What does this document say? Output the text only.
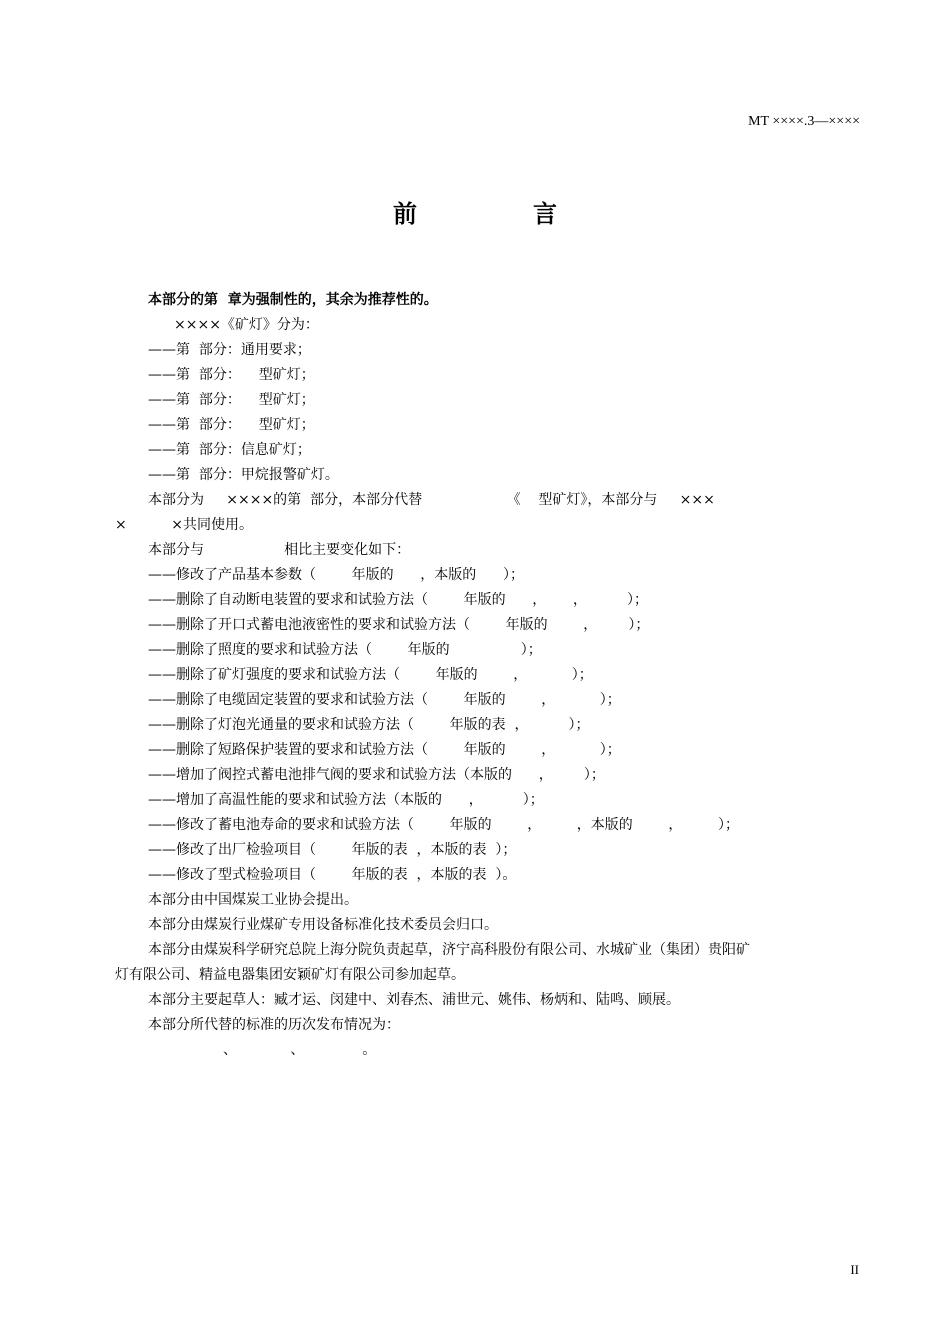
MT ××××.3—××××
前　言
本部分的第  章为强制性的，其余为推荐性的。
××××《矿灯》分为：
——第  部分：通用要求；
——第  部分：    型矿灯；
——第  部分：    型矿灯；
——第  部分：    型矿灯；
——第  部分：信息矿灯；
——第  部分：甲烷报警矿灯。
本部分为     ××××的第  部分，本部分代替                   《    型矿灯》，本部分与     ×××
×          ×共同使用。
本部分与                  相比主要变化如下：
——修改了产品基本参数（        年版的      ，本版的      ）；
——删除了自动断电装置的要求和试验方法（        年版的      ，      ，         ）；
——删除了开口式蓄电池液密性的要求和试验方法（        年版的        ，       ）；
——删除了照度的要求和试验方法（        年版的                ）；
——删除了矿灯强度的要求和试验方法（        年版的        ，          ）；
——删除了电缆固定装置的要求和试验方法（        年版的        ，          ）；
——删除了灯泡光通量的要求和试验方法（        年版的表  ，         ）；
——删除了短路保护装置的要求和试验方法（        年版的        ，          ）；
——增加了阀控式蓄电池排气阀的要求和试验方法（本版的      ，       ）；
——增加了高温性能的要求和试验方法（本版的      ，         ）；
——修改了蓄电池寿命的要求和试验方法（        年版的        ，        ，本版的        ，        ）；
——修改了出厂检验项目（        年版的表  ，本版的表  ）；
——修改了型式检验项目（        年版的表  ，本版的表  ）。
本部分由中国煤炭工业协会提出。
本部分由煤炭行业煤矿专用设备标准化技术委员会归口。
本部分由煤炭科学研究总院上海分院负责起草，济宁高科股份有限公司、水城矿业（集团）贵阳矿
灯有限公司、精益电器集团安颖矿灯有限公司参加起草。
本部分主要起草人：臧才运、闵建中、刘春杰、浦世元、姚伟、杨炳和、陆鸣、顾展。
本部分所代替的标准的历次发布情况为：
、            、             。
II
